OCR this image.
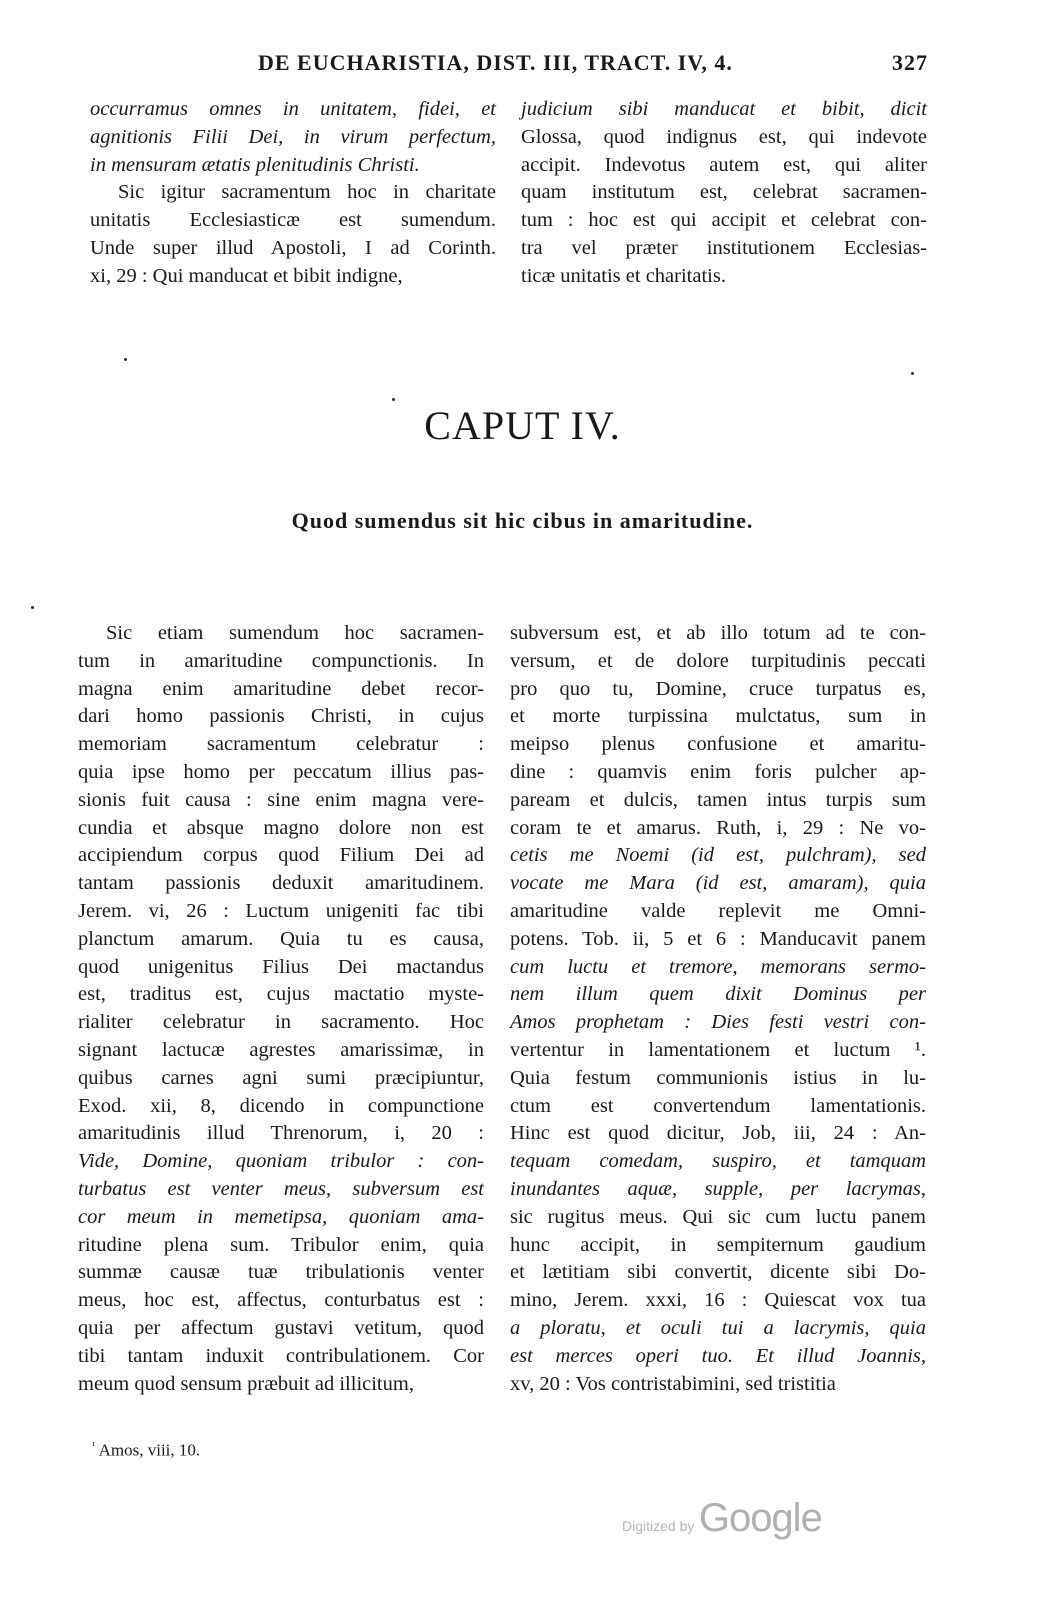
DE EUCHARISTIA, DIST. III, TRACT. IV, 4.	327
occurramus omnes in unitatem, fidei, et
agnitionis Filii Dei, in virum perfectum,
in mensuram ætatis plenitudinis Christi.
Sic igitur sacramentum hoc in charitate
unitatis Ecclesiasticæ est sumendum.
Unde super illud Apostoli, I ad Corinth.
xi, 29 : Qui manducat et bibit indigne,
judicium sibi manducat et bibit, dicit
Glossa, quod indignus est, qui indevote
accipit. Indevotus autem est, qui aliter
quam institutum est, celebrat sacramen-
tum : hoc est qui accipit et celebrat con-
tra vel præter institutionem Ecclesias-
ticæ unitatis et charitatis.
CAPUT IV.
Quod sumendus sit hic cibus in amaritudine.
Sic etiam sumendum hoc sacramen-
tum in amaritudine compunctionis. In
magna enim amaritudine debet recor-
dari homo passionis Christi, in cujus
memoriam sacramentum celebratur :
quia ipse homo per peccatum illius pas-
sionis fuit causa : sine enim magna vere-
cundia et absque magno dolore non est
accipiendum corpus quod Filium Dei ad
tantam passionis deduxit amaritudinem.
Jerem. vi, 26 : Luctum unigeniti fac tibi
planctum amarum. Quia tu es causa,
quod unigenitus Filius Dei mactandus
est, traditus est, cujus mactatio myste-
rialiter celebratur in sacramento. Hoc
signant lactucæ agrestes amarissimæ, in
quibus carnes agni sumi præcipiuntur,
Exod. xii, 8, dicendo in compunctione
amaritudinis illud Threnorum, i, 20 :
Vide, Domine, quoniam tribulor : con-
turbatus est venter meus, subversum est
cor meum in memetipsa, quoniam ama-
ritudine plena sum. Tribulor enim, quia
summæ causæ tuæ tribulationis venter
meus, hoc est, affectus, conturbatus est :
quia per affectum gustavi vetitum, quod
tibi tantam induxit contribulationem. Cor
meum quod sensum præbuit ad illicitum,
subversum est, et ab illo totum ad te con-
versum, et de dolore turpitudinis peccati
pro quo tu, Domine, cruce turpatus es,
et morte turpissina mulctatus, sum in
meipso plenus confusione et amaritu-
dine : quamvis enim foris pulcher ap-
paream et dulcis, tamen intus turpis sum
coram te et amarus. Ruth, i, 29 : Ne vo-
cetis me Noemi (id est, pulchram), sed
vocate me Mara (id est, amaram), quia
amaritudine valde replevit me Omni-
potens. Tob. ii, 5 et 6 : Manducavit panem
cum luctu et tremore, memorans sermo-
nem illum quem dixit Dominus per
Amos prophetam : Dies festi vestri con-
vertentur in lamentationem et luctum ¹.
Quia festum communionis istius in lu-
ctum est convertendum lamentationis.
Hinc est quod dicitur, Job, iii, 24 : An-
tequam comedam, suspiro, et tamquam
inundantes aquæ, supple, per lacrymas,
sic rugitus meus. Qui sic cum luctu panem
hunc accipit, in sempiternum gaudium
et lætitiam sibi convertit, dicente sibi Do-
mino, Jerem. xxxi, 16 : Quiescat vox tua
a ploratu, et oculi tui a lacrymis, quia
est merces operi tuo. Et illud Joannis,
xv, 20 : Vos contristabimini, sed tristitia
$^{^1}$ Amos, viii, 10.
Digitized by Google
